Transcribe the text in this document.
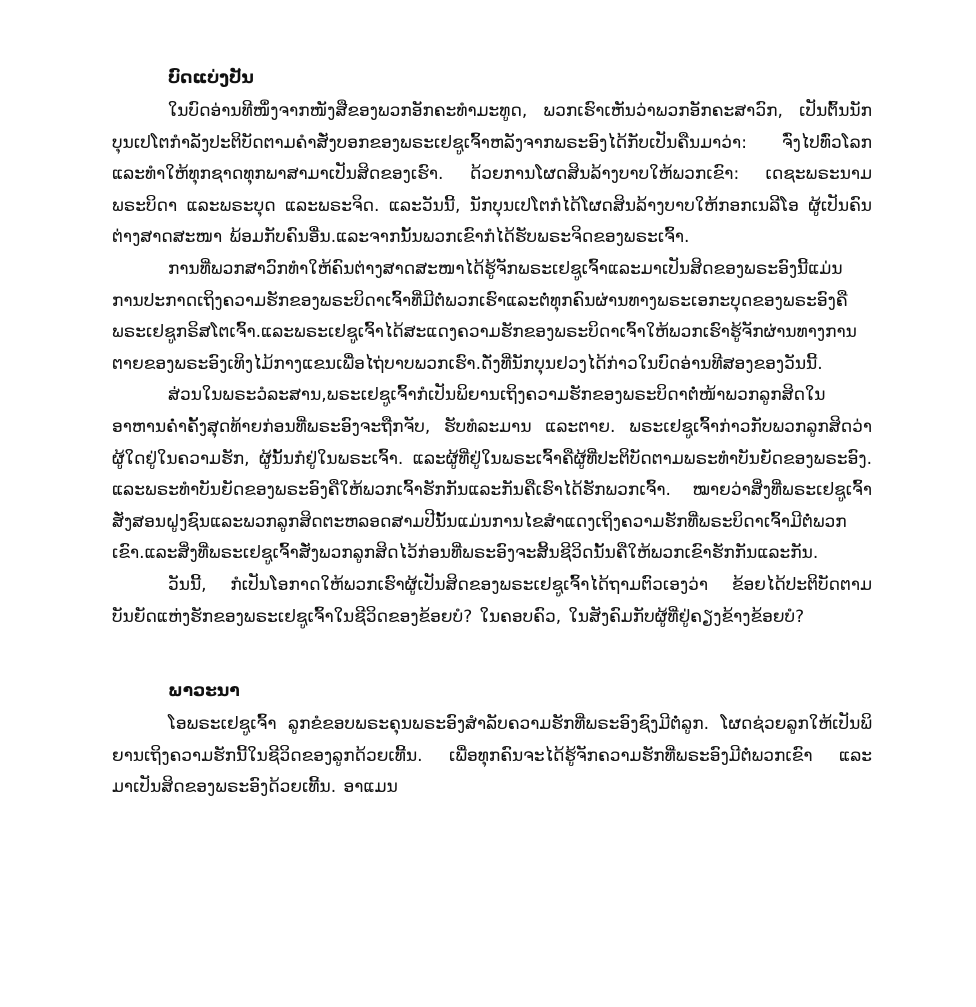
ບົດແບ່ງປັນ

ໃນບົດອ່ານທີໜຶ່ງຈາກໜັງສືຂອງພວກອັກຄະທຳມະທູດ, ພວກເຮົາເຫັນວ່າພວກອັກຄະສາວົກ, ເປັນຕົ້ນນັກບຸນເປໂຕກຳລັງປະຕິບັດຕາມຄຳສັ່ງບອກຂອງພຣະເຢຊູເຈົ້າຫລັງຈາກພຣະອົງໄດ້ກັບເປັນຄືນມາວ່າ: ຈົ່ງໄປທົ່ວໂລກແລະທຳໃຫ້ທຸກຊາດທຸກພາສາມາເປັນສິດຂອງເຮົາ. ດ້ວຍການໂຜດສິນລ້າງບາບໃຫ້ພວກເຂົາ: ເດຊະພຣະນາມພຣະບິດາ ແລະພຣະບຸດ ແລະພຣະຈິດ. ແລະວັນນີ້, ນັກບຸນເປໂຕກໍໄດ້ໂຜດສິນລ້າງບາບໃຫ້ກອກເນລີໂອ ຜູ້ເປັນຄົນຕ່າງສາດສະໜາ ພ້ອມກັບຄົນອື່ນ.ແລະຈາກນັ້ນພວກເຂົາກໍໄດ້ຮັບພຣະຈິດຂອງພຣະເຈົ້າ.

ການທີ່ພວກສາວົກທຳໃຫ້ຄົນຕ່າງສາດສະໜາໄດ້ຮູ້ຈັກພຣະເຢຊູເຈົ້າແລະມາເປັນສິດຂອງພຣະອົງນີ້ແມ່ນການປະກາດເຖິງຄວາມຮັກຂອງພຣະບິດາເຈົ້າທີ່ມີຕໍ່ພວກເຮົາແລະຕໍ່ທຸກຄົນຜ່ານທາງພຣະເອກະບຸດຂອງພຣະອົງຄືພຣະເຢຊູກຣິສໂຕເຈົ້າ.ແລະພຣະເຢຊູເຈົ້າໄດ້ສະແດງຄວາມຮັກຂອງພຣະບິດາເຈົ້າໃຫ້ພວກເຮົາຮູ້ຈັກຜ່ານທາງການຕາຍຂອງພຣະອົງເທິງໄມ້ກາງແຂນເພື່ອໄຖ່ບາບພວກເຮົາ.ດັ່ງທີ່ນັກບຸນຢວງໄດ້ກ່າວໃນບົດອ່ານທີສອງຂອງວັນນີ້.

ສ່ວນໃນພຣະວໍລະສານ,ພຣະເຢຊູເຈົ້າກໍເປັນພິຍານເຖິງຄວາມຮັກຂອງພຣະບິດາຕໍ່ໜ້າພວກລູກສິດໃນອາຫານຄ່ຳຄັ້ງສຸດທ້າຍກ່ອນທີ່ພຣະອົງຈະຖືກຈັບ, ຮັບທໍລະມານ ແລະຕາຍ. ພຣະເຢຊູເຈົ້າກ່າວກັບພວກລູກສິດວ່າຜູ້ໃດຢູ່ໃນຄວາມຮັກ, ຜູ້ນັ້ນກໍຢູ່ໃນພຣະເຈົ້າ. ແລະຜູ້ທີ່ຢູ່ໃນພຣະເຈົ້າຄືຜູ້ທີ່ປະຕິບັດຕາມພຣະທຳບັນຍັດຂອງພຣະອົງ. ແລະພຣະທຳບັນຍັດຂອງພຣະອົງຄືໃຫ້ພວກເຈົ້າຮັກກັນແລະກັນຄືເຮົາໄດ້ຮັກພວກເຈົ້າ. ໝາຍວ່າສິ່ງທີ່ພຣະເຢຊູເຈົ້າສັ່ງສອນຝູງຊົນແລະພວກລູກສິດຕະຫລອດສາມປີນັ້ນແມ່ນການໄຂສຳແດງເຖິງຄວາມຮັກທີ່ພຣະບິດາເຈົ້າມີຕໍ່ພວກເຂົາ.ແລະສິ່ງທີ່ພຣະເຢຊູເຈົ້າສັ່ງພວກລູກສິດໄວ້ກ່ອນທີ່ພຣະອົງຈະສິ້ນຊີວິດນັ້ນຄືໃຫ້ພວກເຂົາຮັກກັນແລະກັນ.

ວັນນີ້, ກໍເປັນໂອກາດໃຫ້ພວກເຮົາຜູ້ເປັນສິດຂອງພຣະເຢຊູເຈົ້າໄດ້ຖາມຕົວເອງວ່າ ຂ້ອຍໄດ້ປະຕິບັດຕາມບັນຍັດແຫ່ງຮັກຂອງພຣະເຢຊູເຈົ້າໃນຊີວິດຂອງຂ້ອຍບໍ? ໃນຄອບຄົວ, ໃນສັງຄົມກັບຜູ້ທີ່ຢູ່ຄຽງຂ້າງຂ້ອຍບໍ?

ພາວະນາ

ໂອພຣະເຢຊູເຈົ້າ ລູກຂໍຂອບພຣະຄຸນພຣະອົງສຳລັບຄວາມຮັກທີ່ພຣະອົງຊົງມີຕໍ່ລູກ. ໂຜດຊ່ວຍລູກໃຫ້ເປັນພິຍານເຖິງຄວາມຮັກນີ້ໃນຊີວິດຂອງລູກດ້ວຍເທີ້ນ. ເພື່ອທຸກຄົນຈະໄດ້ຮູ້ຈັກຄວາມຮັກທີ່ພຣະອົງມີຕໍ່ພວກເຂົາ ແລະມາເປັນສິດຂອງພຣະອົງດ້ວຍເທີ້ນ. ອາແມນ
